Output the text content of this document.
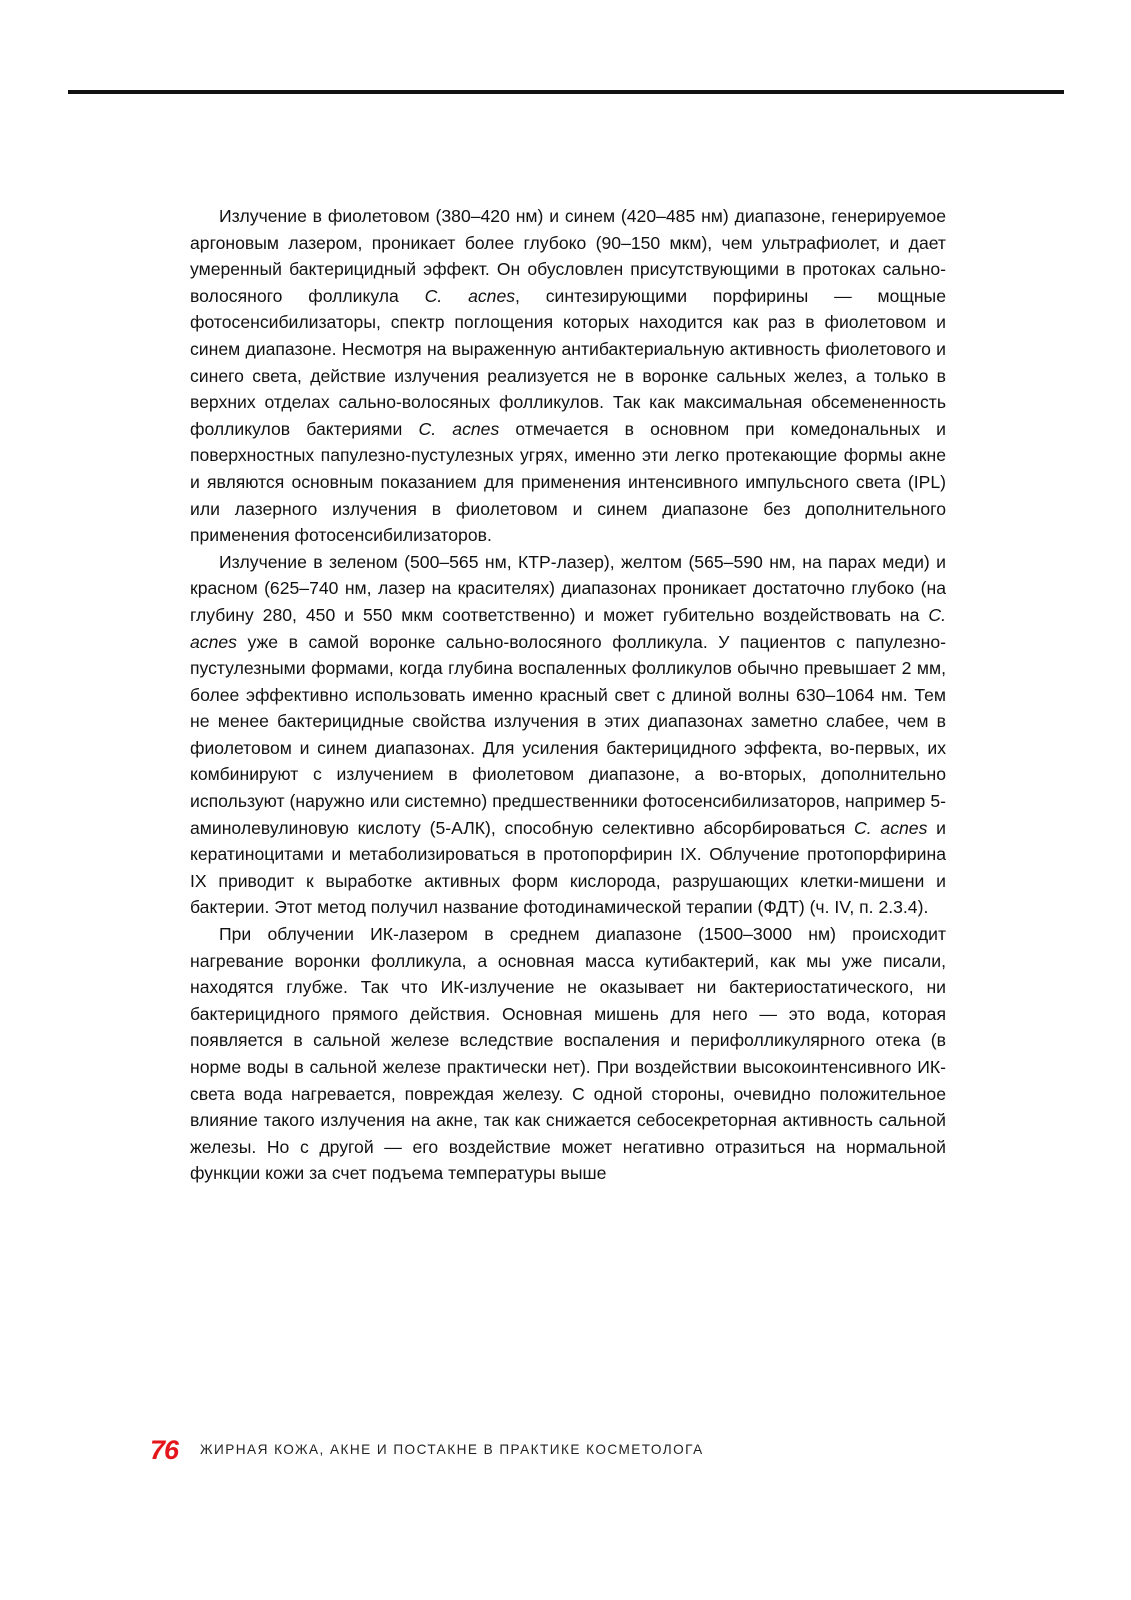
Излучение в фиолетовом (380–420 нм) и синем (420–485 нм) диапазоне, генерируемое аргоновым лазером, проникает более глубоко (90–150 мкм), чем ультрафиолет, и дает умеренный бактерицидный эффект. Он обусловлен присутствующими в протоках сально-волосяного фолликула C. acnes, синтезирующими порфирины — мощные фотосенсибилизаторы, спектр поглощения которых находится как раз в фиолетовом и синем диапазоне. Несмотря на выраженную антибактериальную активность фиолетового и синего света, действие излучения реализуется не в воронке сальных желез, а только в верхних отделах сально-волосяных фолликулов. Так как максимальная обсемененность фолликулов бактериями C. acnes отмечается в основном при комедональных и поверхностных папулезно-пустулезных угрях, именно эти легко протекающие формы акне и являются основным показанием для применения интенсивного импульсного света (IPL) или лазерного излучения в фиолетовом и синем диапазоне без дополнительного применения фотосенсибилизаторов.

Излучение в зеленом (500–565 нм, КТР-лазер), желтом (565–590 нм, на парах меди) и красном (625–740 нм, лазер на красителях) диапазонах проникает достаточно глубоко (на глубину 280, 450 и 550 мкм соответственно) и может губительно воздействовать на C. acnes уже в самой воронке сально-волосяного фолликула. У пациентов с папулезно-пустулезными формами, когда глубина воспаленных фолликулов обычно превышает 2 мм, более эффективно использовать именно красный свет с длиной волны 630–1064 нм. Тем не менее бактерицидные свойства излучения в этих диапазонах заметно слабее, чем в фиолетовом и синем диапазонах. Для усиления бактерицидного эффекта, во-первых, их комбинируют с излучением в фиолетовом диапазоне, а во-вторых, дополнительно используют (наружно или системно) предшественники фотосенсибилизаторов, например 5-аминолевулиновую кислоту (5-АЛК), способную селективно абсорбироваться C. acnes и кератиноцитами и метаболизироваться в протопорфирин IX. Облучение протопорфирина IX приводит к выработке активных форм кислорода, разрушающих клетки-мишени и бактерии. Этот метод получил название фотодинамической терапии (ФДТ) (ч. IV, п. 2.3.4).

При облучении ИК-лазером в среднем диапазоне (1500–3000 нм) происходит нагревание воронки фолликула, а основная масса кутибактерий, как мы уже писали, находятся глубже. Так что ИК-излучение не оказывает ни бактериостатического, ни бактерицидного прямого действия. Основная мишень для него — это вода, которая появляется в сальной железе вследствие воспаления и перифолликулярного отека (в норме воды в сальной железе практически нет). При воздействии высокоинтенсивного ИК-света вода нагревается, повреждая железу. С одной стороны, очевидно положительное влияние такого излучения на акне, так как снижается себосекреторная активность сальной железы. Но с другой — его воздействие может негативно отразиться на нормальной функции кожи за счет подъема температуры выше

76 ЖИРНАЯ КОЖА, АКНЕ И ПОСТАКНЕ В ПРАКТИКЕ КОСМЕТОЛОГА
